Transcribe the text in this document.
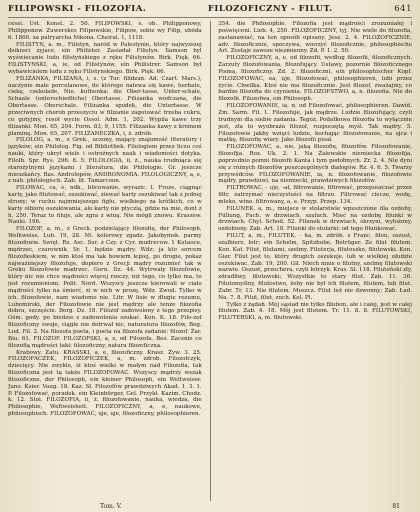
FILIPOWSKI - FILOZOFIA.	FILOZOFICZNY - FILUT.	641

cessi. Ust. Konst. 2. 50. FILIPOWSKI, s. ob. Philipponowy, Philipponow. Zuwerskes Filipowskie, Filipow, sobie wy Filip, ubóda 6. 1800. za patryarcha Nikona. Cheiral. 1, 1118.

FILISTYN, a. m., Filistyn, naród w Palestynie, który najwyzszej dzikosci zyjace, ein Philister. Zasiadał Filistyn. Samson byl wyświecanie ludu filistyńskiego z ręku Filistynów. Birk. Pięk. 66. FILISTYNSKI, a, ie, od Filistynów, ein Philistrer. Samson był wybawicielem ludu z ręku Filistynskiego. Birk. Pięk. 66.

FILIZANKA, FILIZANA, i, s. (z Tur. filidzan. Ad. Czart. Mars.), naczynie małe porcelanowe, do którego nalewa się kawe, herbate, ciekę, czekolade, Nie. kuthenka; die Ober-tasse, Unter-schale, Schaale (unterschiedliche) Obertasse. Filizanka wodczana, die Obertasse. Oberschale. Filizanka spodek, die Untertasse. W przeciwnych chorob przeszyciu w filizanie zagotować trzeba cukru, co gotyjmy, rosoł wycie Ossol. Adm. 1, 202. Wypila kawe trzy filizanki. Mon. 65, 204. Form. 83, 9, 1155. Filizanka kawy z kremem plaminę. Mon. 65, 207. FILIZANECZKA, i, ż. zdrób.

FILOLOG, a, m., z Grek., uczony, mający znajomość literatury i języków; ein Philolog. Fig. od Bibliothek. Filologiem przez liczu coś nauki, który ukrył wiele i ostrożnych nauk i wiadomości dotyka. Filolb. Spr. Rys. 296. 8. 5. FILOLOGIA, ii, ż., nauka trudniąca się starożytnymi językami i literatura, die Philologie. Gr. jeszcze mieszkańcy. Bas. Androlopów, ANDRONOMIA. FILOLOGICZNY, a, e, z nab. philologisch. Zab. lit. Tamarcoon.

FILOWAC, ca, e, ndk., blicowanie, wyrazic. I. Froze, ciągnąc karty, jako filutować, oszukiwać, ziewać karty oszukiwać tak z jednej strony; w ruchu najmniejszego figlu, wielkiego za krótkich, co w karty olbiorę oszukiwania, ale karty nie ptyczią, gdzie na mie, dont z h, 250. Teraz to filuje, ale zgra z winą. Nie mógli znowu. Kraszew. Nauki. 196.

FILOZOF, a, m., z Greck. podzielający filozofię, der Philosoph, Welhweise. Lub. 19, 28. Nt. kolorowy zgadz. Jakobymsk. parmy filozofowie. Swięt. Rz. Asc. Sur. z Czy. z Cyr. mudrecow. 1 Kutaoce, mędrzec, czarownik. Sr. 1. będzie mądry. Wdz: ja kto sercem filozofieskiem, w nim ktoś ma tak bowiem lepiej, po drogie, pokaz najważniejszy filozofuje, dopiero z Grecji mądry rozumieć tak w Greku filozofowie madrzec. Gorn. Dz. 44. Wytrwały filozofowie, który nic nie chce mądrości więcej rzeczy, niż tego, co tylko ma, to jest rozumieniom. Polit. Nord. Wszyscy jeszcze kierowali w ciało mądrości tylko na śmierć, zi w nich w prozę, Wdz. Zwod. Tylko w ich. filozofowie, nam wiadomo nie. Litr. W lisie w długie rozumu, Lubomirski, der Filozofowie nie jest mędrzy ale tenże filozofia dobra, szczęście. Borg. Dz. 18. Filozof zadowolony z tego przepisy. Ośm. gody. po biedzie z zadowolenia szukać. Kon. K. 18. Filo-zof filozoficzny swoje, ciągle nie dotrwał nic, naturatura filozofów, Bog. Lud. Fil. 2. Na filozofa poeta, i poeta na filozofa zadanie: filozof. Żar. Biu. 61. FILOZOF. FILOZOFSKI, a, z, od Filozofa. Bes. Zacznie co filozofią mądrości taki: filozoficzny, natura filozoficzna.

Krabowy. Zatu. KRASSKI, a, e, filozoficzny. Krasz. Żyw. 3. 25. FILOZOFACZEK, FILOZOFICZEK, a, m. zdrob. Filozofczyk, dziecięcy. Nie zwykle, iż ktoś wielki w małym nad Filozofia, tak filozoficzna jest tą także FILOZOFOWAC. Wszyscy mądrzy wszak filozoficzne, der Philosoph, ein kleiner Philosoph, ein Weltweiser. Juno. Ksier. Vaug. 18. Kaz. Sł. Filozofów prawdziwych Akad. 1. 3. 1. P. Filozofować, poradek. ein Kleinbürger, Gel. Przykł. Kazim. Chodz. k. 12. Stoi. FILOZOFIA, ii, ż. filozofowanie, nauka, wiedza, die Philosophie, Weltweisheit. FILOZOFICZNY, a, e, naukowe, philosophisch. FILOZOFOWAĆ, uje, uje, filozoficzny, philosophieren.

354. die Philosophie. Filozofia jest mądrości zrozumiałej i poświęceni. Lieb. 4, 250. FILOZOFICZNY, tyj. Nie wiele do filozofia, zastanawiać, na ten sposób opisany. Jesz. 2. 4. FILOZOFICZNIE, adv. filozoficznie, spoczywa, wierzyć filozoficznie, philosophische Art. Zostaje zawsze niezmienny. Zd. P. 1. 2. 50.

FILOZOFICZNY, a, e, od filozofii, według filozofii, filozoficznych. Zarzuty filozofowania, filozofujący. Ustawy, pozornie filozoficznego Pisma, filozoficzny. Zd. 2. filozoficzni, ein philosophischer Kopf. FILOZOFOWAC, ea, uje, filozofować, philosophieren, lubi przez życie. Chwilka. Ktoś nie ma filozoficznie. Jest filozof, zważajmy, co bardzo filozofia do czynienia. FILOZOFSTWO, a, n. filozofia. Nie do filozofii. Filozofwa, ein Philosoph.

FILOZOFOWANIE, ia, n. od Filozofować, philosophieren. Dawid. Zm. Sarm. Fil. 1. Filozofuje, jak mądrze. Ludzie filozofujący, czyli trudnym dla siebie zadania. Tegoż. Podatkowa filozofia to wyłącznie jest, zła to wyobraża filozof, rozpoczętą myśl. Tak mądry. 5. Filozofowie jakby wzięci ludzie, kochając filozofowanie, na ojca i matkę, filozofię wiary. Jako filozofii pisał.

FILOZOFOWAC, a, nie, jaką filozofię, filozofów. Filozofowanie, filozofija. Roz. Uk. 2. 1. Na Żalewskie niemiecka filozofija, poprzednio pomni filozofii Kanta i tym podobnych. Zr. 2. 4. Nie dyni się z różnych filozofów poszczególnych dialogów. Rz. 4. 6. 5. Twarzy przywódców. FILOZOFOWANIE, ia, n. filozofowanie, filozofowie mądry, prawdziwi, na niemiecki, prawdziwych filozofów.

FILTROWAC, - uje, -ał, filtrowanie, filtrować, przepuszczać przez filtr, zatrzymać nieczystości na filtrze. Filtrować ciecze, wodę, mleko, wino. filtrowany, a, e. Przyp. Przep. 134.

FILUNEK, a, m., miejsce w stolarstwie wpuszczone dla ozdoby, Füllung, Fach. w drzwiach, szafach. Mieć na ozdobę filunki w drzwiach. Chyl. Schod. 52. Filunek w drzwiach, skrzyni, wyłożony, ozdobiony. Zab. Art. 18. Filunki do stolarki; od tego filunkować.

FILUT, a, m., FILUTEK, - ka, m. zdrób. z Franc. filou, oszust, szalbierz, łotr; ein Schelm, Spitzbube, Betrüger. Ze filut filutem. Kon. Kat. Filut, filutami, szelmy. Filuterja, filutoszko, filutowski. Kon. Gier. Filut jest to, który drugich oszukuje, lub w wielkiej ułudzie oszukiwac. Zab. 19, 200. Gil. Niech mnie o filutny, szelmę filutowski nazwie. Oszust, przechera, czyli łotrzyk. Kras. Sł. 118. Filutoński zły, zdradliwy, filutowski; Wszystkie to stary filut. Zab. 11. 36. Filutomyślny, filutostwo, żeby nie był ich filutem, filutem, lub filut. Zabr. Tr. 13. Nie filutem. Moszcz. Filut też nie dzwonny; Zab. Ład. Na. 7. 8. Filut, filut, zuch. Kol. Pl.

Tylko z żądań. Mój sąsiad nie tylko filutem, ale i całej, jest w całej filutem. Zab. 4. 18. Mój jest filutem. Tr. 11. 8. 8. FILUTOWSKI, FILUTERSKI, a, m. filutowski.

Tom. V.	81
